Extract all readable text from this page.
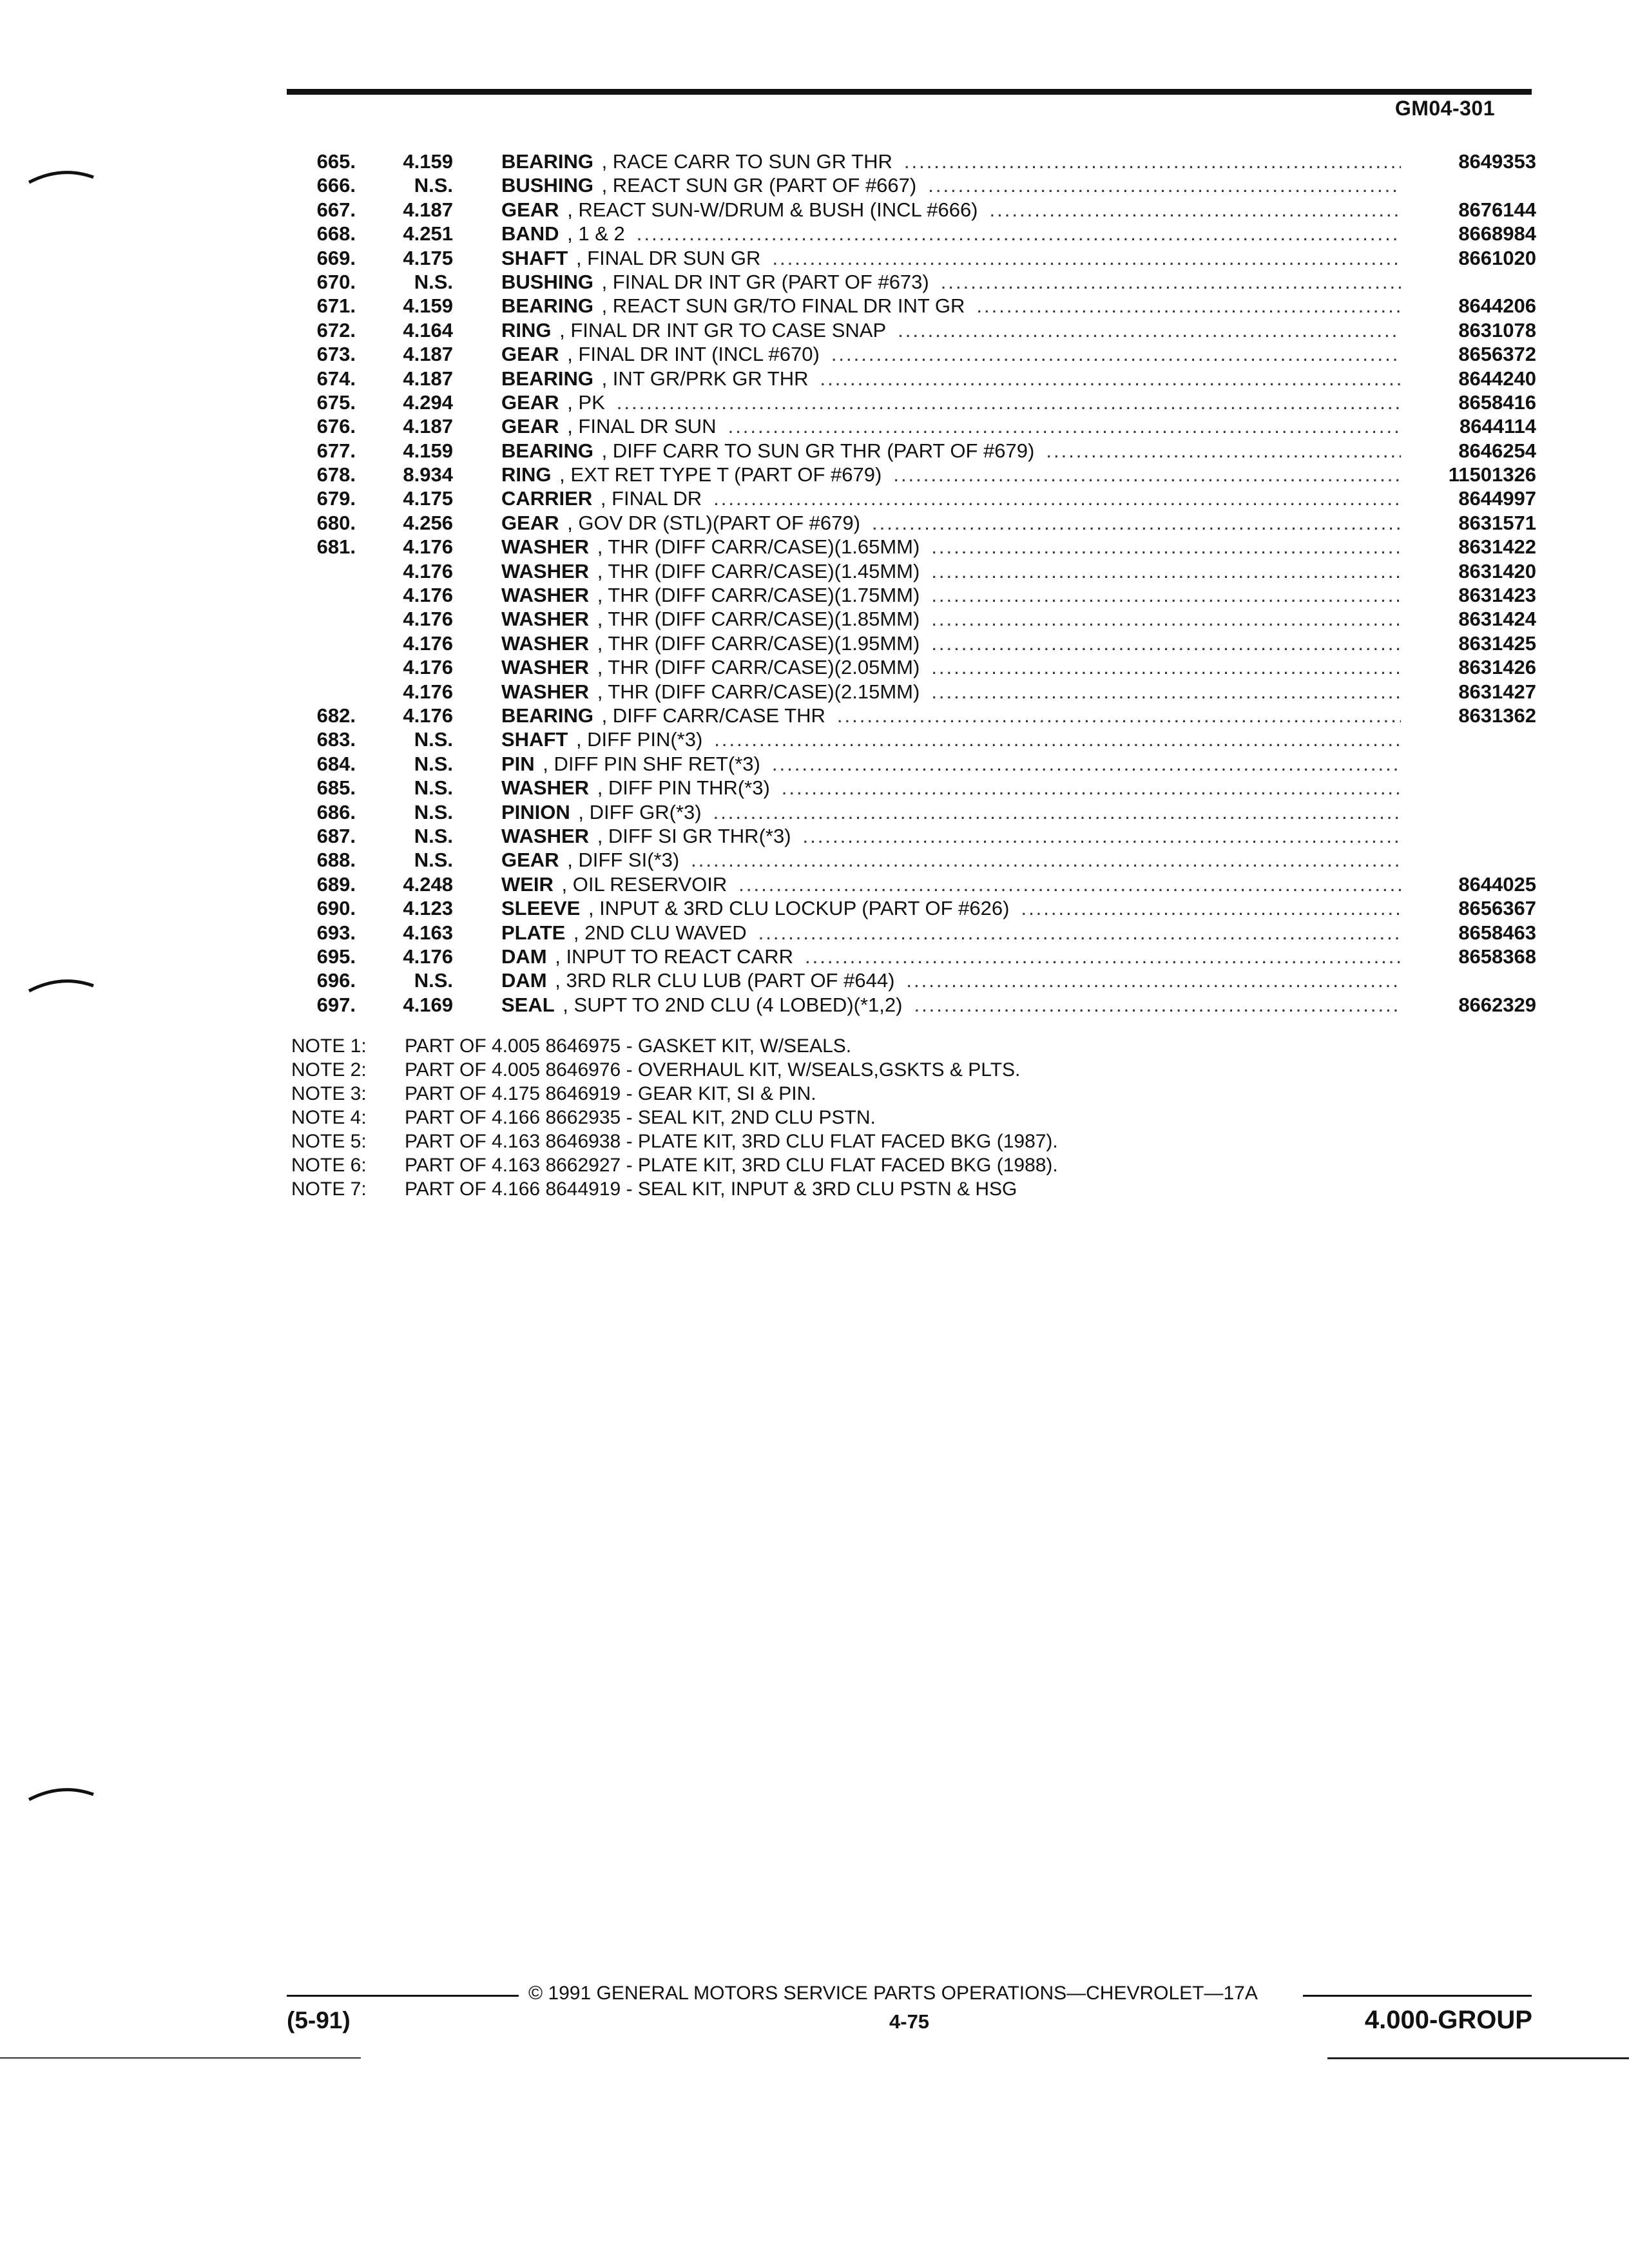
GM04-301
665. 4.159 BEARING , RACE CARR TO SUN GR THR .....	8649353
666.	N.S. BUSHING , REACT SUN GR (PART OF #667)
.....
667. 4.187 GEAR , REACT SUN-W/DRUM & BUSH (INCL #666) .....	8676144
668. 4.251 BAND , 1 & 2 .....	8668984
669. 4.175 SHAFT , FINAL DR SUN GR .....	8661020
670.	N.S. BUSHING , FINAL DR INT GR (PART OF #673)
.....
671. 4.159 BEARING , REACT SUN GR/TO FINAL DR INT GR .....	8644206
672. 4.164 RING , FINAL DR INT GR TO CASE SNAP .....	8631078
673. 4.187 GEAR , FINAL DR INT (INCL #670) .....	8656372
674. 4.187 BEARING , INT GR/PRK GR THR .....	8644240
675. 4.294 GEAR , PK .....	8658416
676. 4.187 GEAR , FINAL DR SUN .....	8644114
677. 4.159 BEARING , DIFF CARR TO SUN GR THR (PART OF #679) .....	8646254
678. 8.934 RING , EXT RET TYPE T (PART OF #679) .....	11501326
679. 4.175 CARRIER , FINAL DR .....	8644997
680. 4.256 GEAR , GOV DR (STL)(PART OF #679) .....	8631571
681. 4.176 WASHER , THR (DIFF CARR/CASE)(1.65MM) .....	8631422
4.176 WASHER , THR (DIFF CARR/CASE)(1.45MM) .....	8631420
4.176 WASHER , THR (DIFF CARR/CASE)(1.75MM) .....	8631423
4.176 WASHER , THR (DIFF CARR/CASE)(1.85MM) .....	8631424
4.176 WASHER , THR (DIFF CARR/CASE)(1.95MM) .....	8631425
4.176 WASHER , THR (DIFF CARR/CASE)(2.05MM) .....	8631426
4.176 WASHER , THR (DIFF CARR/CASE)(2.15MM) .....	8631427
682. 4.176 BEARING , DIFF CARR/CASE THR .....	8631362
683.	N.S. SHAFT , DIFF PIN(*3)
.....
684.	N.S. PIN , DIFF PIN SHF RET(*3)
.....
685.	N.S. WASHER , DIFF PIN THR(*3)
.....
686.	N.S. PINION , DIFF GR(*3)
.....
687.	N.S. WASHER , DIFF SI GR THR(*3)
.....
688.	N.S. GEAR , DIFF SI(*3)
.....
689. 4.248 WEIR , OIL RESERVOIR .....	8644025
690. 4.123 SLEEVE , INPUT & 3RD CLU LOCKUP (PART OF #626) .....	8656367
693. 4.163 PLATE , 2ND CLU WAVED .....	8658463
695. 4.176 DAM , INPUT TO REACT CARR .....	8658368
696.	N.S. DAM , 3RD RLR CLU LUB (PART OF #644)
.....
697. 4.169 SEAL , SUPT TO 2ND CLU (4 LOBED)(*1,2) .....	8662329
NOTE 1: PART OF 4.005 8646975 - GASKET KIT, W/SEALS.
NOTE 2: PART OF 4.005 8646976 - OVERHAUL KIT, W/SEALS,GSKTS & PLTS.
NOTE 3: PART OF 4.175 8646919 - GEAR KIT, SI & PIN.
NOTE 4: PART OF 4.166 8662935 - SEAL KIT, 2ND CLU PSTN.
NOTE 5: PART OF 4.163 8646938 - PLATE KIT, 3RD CLU FLAT FACED BKG (1987).
NOTE 6: PART OF 4.163 8662927 - PLATE KIT, 3RD CLU FLAT FACED BKG (1988).
NOTE 7: PART OF 4.166 8644919 - SEAL KIT, INPUT & 3RD CLU PSTN & HSG
© 1991 GENERAL MOTORS SERVICE PARTS OPERATIONS—CHEVROLET—17A
(5-91)	4-75	4.000-GROUP
